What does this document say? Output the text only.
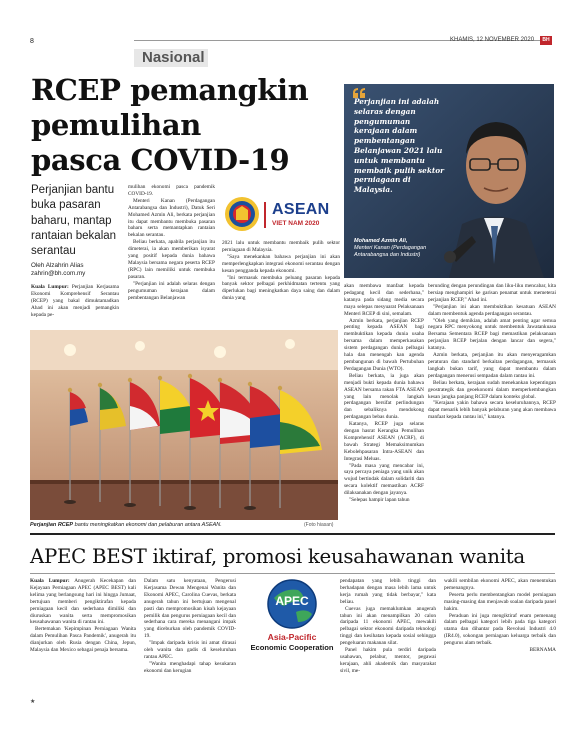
8
Nasional
KHAMIS, 12 NOVEMBER 2020	BH
RCEP pemangkin
pemulihan
pasca COVID-19
Perjanjian bantu buka pasaran baharu, mantap rantaian bekalan serantau
Oleh Alzahrin Alias
zahrin@bh.com.my

Kuala Lumpur: Perjanjian Kerjasama Ekonomi Komprehensif Serantau (RCEP) yang bakal dimuktamadkan Ahad ini akan menjadi pemangkin kepada pe-

mulihan ekonomi pasca pandemik COVID-19.

Menteri Kanan (Perdagangan Antarabangsa dan Industri), Datuk Seri Mohamed Azmin Ali, berkata perjanjian itu dapat membantu membuka pasaran baharu serta memantapkan rantaian bekalan serantau.

Beliau berkata, apabila perjanjian itu dimeterai, ia akan memberikan isyarat yang positif kepada dunia bahawa Malaysia bersama negara peserta RCEP (RPC) lain memiliki untuk membuka pasaran.

"Perjanjian ini adalah selaras dengan pengumuman kerajaan dalam pembentangan Belanjawan

ASEAN
VIET NAM 2020

2021 lalu untuk membantu membaik pulih sektor perniagaan di Malaysia.

"Saya menekankan bahawa perjanjian ini akan memperlengkapkan integrasi ekonomi serantau dengan kesan pengganda kepada ekonomi.

"Ini termasuk membuka peluang pasaran kepada banyak sektor pelbagai perkhidmatan tertentu yang diperlukan bagi meningkatkan daya saing dan dalam dunia yang

Perjanjian ini adalah selaras dengan pengumuman kerajaan dalam pembentangan Belanjawan 2021 lalu untuk membantu membaik pulih sektor perniagaan di Malaysia.
Mohamed Azmin Ali,
Menteri Kanan (Perdagangan Antarabangsa dan Industri)
Perjanjian RCEP bantu meningkatkan ekonomi dan pelaburan antara ASEAN.	(Foto hiasan)

akan membawa manfaat kepada pedagang kecil dan sederhana," katanya pada sidang media secara maya selepas mesyuarat Pelaksanaan Menteri RCEP di sini, semalam.

Azmin berkata, perjanjian RCEP penting kepada ASEAN bagi membuktikan kepada dunia usaha bersama dalam memperkasakan sistem perdagangan dunia pelbagai hala dan menengah kan agenda pembangunan di bawah Pertubuhan Perdagangan Dunia (WTO).

Beliau berkata, ia juga akan menjadi bukti kepada dunia bahawa ASEAN bersama rakan FTA ASEAN yang lain menolak langkah perdagangan bersifat perlindungan dan sebaliknya mendokong perdagangan bebas dunia.

Katanya, RCEP juga selaras dengan hasrat Kerangka Pemulihan Komprehensif ASEAN (ACRF), di bawah Strategi Memaksimumkan Kebolehpasaran Intra-ASEAN dan Integrasi Meluas.

"Pada masa yang mencabar ini, saya percaya peniaga yang unik akan wujud bertindak dalam solidariti dan secara kolektif memastikan ACRF dilaksanakan dengan jayanya.

"Selepas hampir lapan tahun

berunding dengan perundingan dan liku-liku mencabar, kita bersiap menghampiri ke garisan penamat untuk memeterai perjanjian RCEP," Ahad ini.

"Perjanjian ini akan membuktikan kesatuan ASEAN dalam membentuk agenda perdagangan serantau.

"Oleh yang demikian, adalah amat penting agar semua negara RPC menyokong untuk membentuk Jawatankuasa Bersama Sementara RCEP bagi memastikan pelaksanaan perjanjian RCEP berjalan dengan lancar dan segera," katanya.

Azmin berkata, perjanjian itu akan menyeragamkan peraturan dan standard berkaitan perdagangan, termasuk langkah bukan tarif, yang dapat membantu dalam perdagangan menerusi sempadan dalam rantau ini.

Beliau berkata, kerajaan sudah menekankan kepentingan geostrategik dan geoekonomi dalam memperkembangkan kesan jangka panjang RCEP dalam konteks global.

"Kerajaan yakin bahawa secara keseluruhannya, RCEP dapat menarik lebih banyak pelaburan yang akan membawa manfaat kepada rantau ini," katanya.

APEC BEST iktiraf, promosi keusahawanan wanita

Kuala Lumpur: Anugerah Kecekapan dan Kejayaan Perniagaan APEC (APEC BEST) kali kelima yang berlangsung hari ini hingga Jumaat, bertujuan memberi pengiktirafan kepada perniagaan kecil dan sederhana dimiliki dan diuruskan wanita serta mempromosikan keusahawanan wanita di rantau ini.

Bertemakan 'Kepimpinan Perniagaan Wanita dalam Pemulihan Pasca Pandemik', anugerah itu dianjurkan oleh Rusia dengan China, Jepun, Malaysia dan Mexico sebagai penaja bersama.

Dalam satu kenyataan, Pengerusi Kerjasama Dewan Mengenai Wanita dan Ekonomi APEC, Carolina Cuevas, berkata anugerah tahun ini bertujuan mengenal pasti dan mempromosikan kisah kejayaan pemilik dan pengurus perniagaan kecil dan sederhana cara mereka menangani impak yang diceburkan oleh pandemik COVID-19.

"Impak daripada krisis ini amat dirasai oleh wanita dan gadis di keseluruhan rantau APEC.

"Wanita menghadapi tahap kesukaran ekonomi dan kerugian

APEC
Asia-Pacific
Economic Cooperation

pendapatan yang lebih tinggi dan berhadapan dengan masa lebih lama untuk kerja rumah yang tidak berbayar," kata beliau.

Cuevas juga memaklumkan anugerah tahun ini akan menampilkan 20 calon daripada 11 ekonomi APEC, mewakili pelbagai sektor ekonomi daripada teknologi tinggi dan kesihatan kepada sosial sehingga pengeluaran makanan silat.

Panel hakim pula terdiri daripada usahawan, pelabur, mentor, pegawai kerajaan, ahli akademik dan masyarakat sivil, me-

wakili sembilan ekonomi APEC, akan menentukan pemenangnya.

Peserta perlu membentangkan model perniagaan masing-masing dan menjawab soalan daripada panel hakim.

Peraduan ini juga mengiktiraf enam pemenang dalam pelbagai kategori lebih pada tiga kategori utama dan dihantar pada Revolusi Industri 4.0 (IR4.0), sokongan perniagaan keluarga terbaik dan pengurus alam terbaik.

BERNAMA

★
